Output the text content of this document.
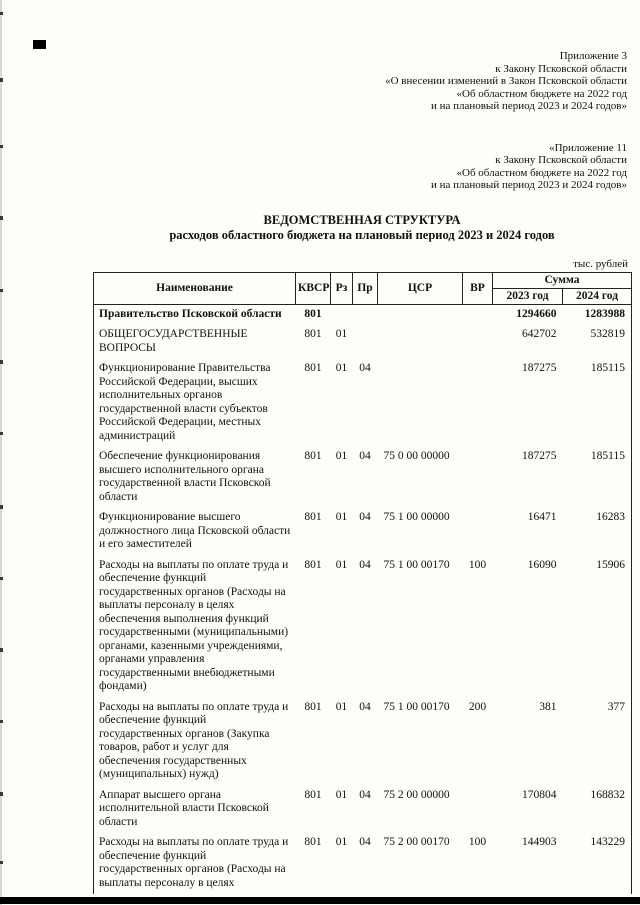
Приложение 3
к Закону Псковской области
«О внесении изменений в Закон Псковской области
«Об областном бюджете на 2022 год
и на плановый период 2023 и 2024 годов»
«Приложение 11
к Закону Псковской области
«Об областном бюджете на 2022 год
и на плановый период 2023 и 2024 годов»
ВЕДОМСТВЕННАЯ СТРУКТУРА
расходов областного бюджета на плановый период 2023 и 2024 годов
тыс. рублей
Наименование	КВСР	Рз	Пр	ЦСР	ВР	Сумма	
						2023 год	2024 год
Правительство Псковской области	801					1294660	1283988
ОБЩЕГОСУДАРСТВЕННЫЕ ВОПРОСЫ	801	01				642702	532819
Функционирование Правительства Российской Федерации, высших исполнительных органов государственной власти субъектов Российской Федерации, местных администраций	801	01	04			187275	185115
Обеспечение функционирования высшего исполнительного органа государственной власти Псковской области	801	01	04	75 0 00 00000		187275	185115
Функционирование высшего должностного лица Псковской области и его заместителей	801	01	04	75 1 00 00000		16471	16283
Расходы на выплаты по оплате труда и обеспечение функций государственных органов (Расходы на выплаты персоналу в целях обеспечения выполнения функций государственными (муниципальными) органами, казенными учреждениями, органами управления государственными внебюджетными фондами)	801	01	04	75 1 00 00170	100	16090	15906
Расходы на выплаты по оплате труда и обеспечение функций государственных органов (Закупка товаров, работ и услуг для обеспечения государственных (муниципальных) нужд)	801	01	04	75 1 00 00170	200	381	377
Аппарат высшего органа исполнительной власти Псковской области	801	01	04	75 2 00 00000		170804	168832
Расходы на выплаты по оплате труда и обеспечение функций государственных органов (Расходы на выплаты персоналу в целях	801	01	04	75 2 00 00170	100	144903	143229
